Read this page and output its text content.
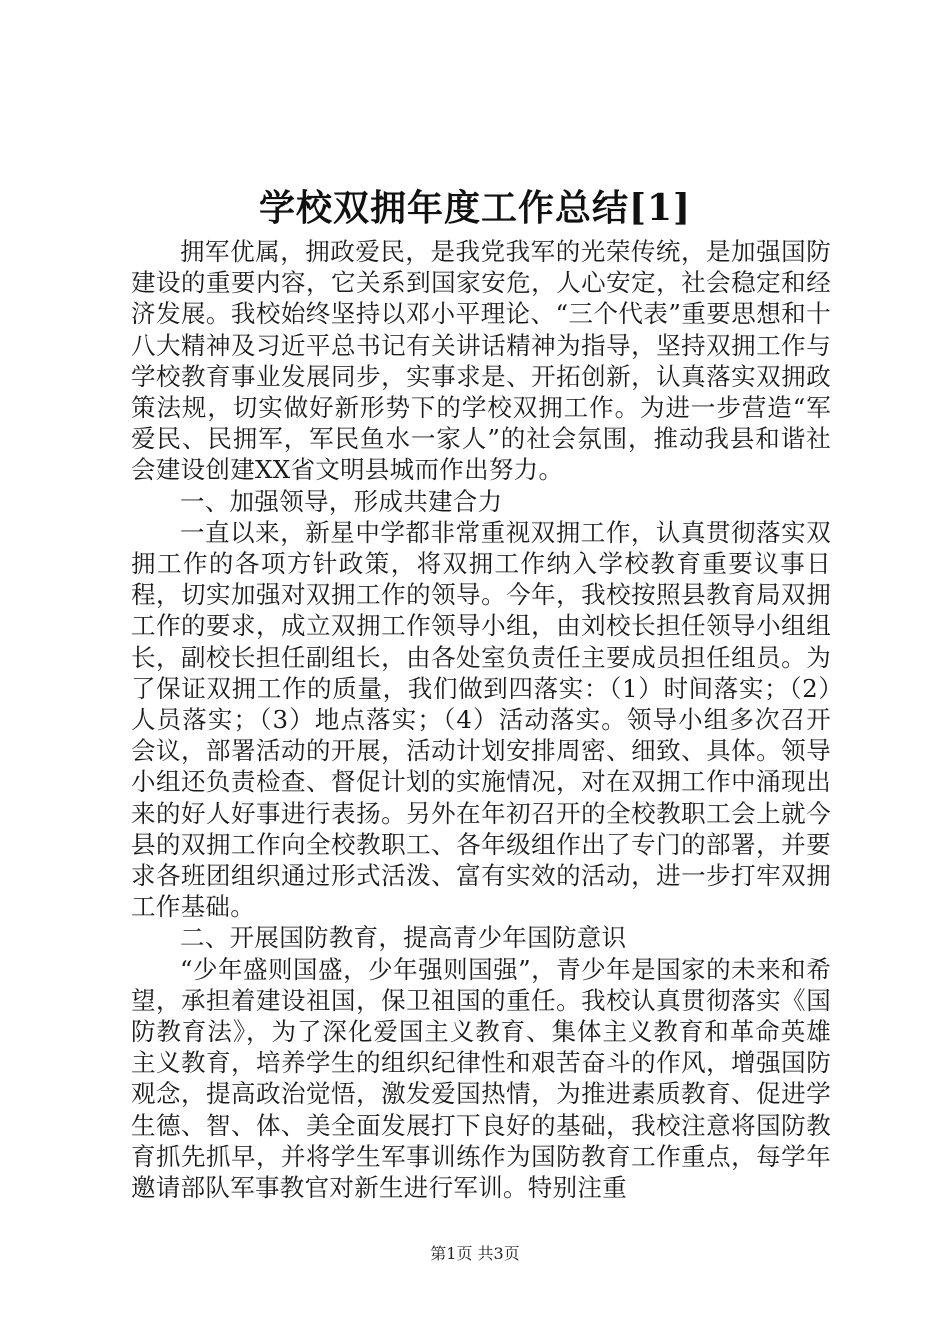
学校双拥年度工作总结[1]

拥军优属，拥政爱民，是我党我军的光荣传统，是加强国防建设的重要内容，它关系到国家安危，人心安定，社会稳定和经济发展。我校始终坚持以邓小平理论、“三个代表”重要思想和十八大精神及习近平总书记有关讲话精神为指导，坚持双拥工作与学校教育事业发展同步，实事求是、开拓创新，认真落实双拥政策法规，切实做好新形势下的学校双拥工作。为进一步营造“军爱民、民拥军，军民鱼水一家人”的社会氛围，推动我县和谐社会建设创建XX省文明县城而作出努力。

一、加强领导，形成共建合力

一直以来，新星中学都非常重视双拥工作，认真贯彻落实双拥工作的各项方针政策，将双拥工作纳入学校教育重要议事日程，切实加强对双拥工作的领导。今年，我校按照县教育局双拥工作的要求，成立双拥工作领导小组，由刘校长担任领导小组组长，副校长担任副组长，由各处室负责任主要成员担任组员。为了保证双拥工作的质量，我们做到四落实：（1）时间落实；（2）人员落实；（3）地点落实；（4）活动落实。领导小组多次召开会议，部署活动的开展，活动计划安排周密、细致、具体。领导小组还负责检查、督促计划的实施情况，对在双拥工作中涌现出来的好人好事进行表扬。另外在年初召开的全校教职工会上就今县的双拥工作向全校教职工、各年级组作出了专门的部署，并要求各班团组织通过形式活泼、富有实效的活动，进一步打牢双拥工作基础。

二、开展国防教育，提高青少年国防意识

“少年盛则国盛，少年强则国强”，青少年是国家的未来和希望，承担着建设祖国，保卫祖国的重任。我校认真贯彻落实《国防教育法》，为了深化爱国主义教育、集体主义教育和革命英雄主义教育，培养学生的组织纪律性和艰苦奋斗的作风，增强国防观念，提高政治觉悟，激发爱国热情，为推进素质教育、促进学生德、智、体、美全面发展打下良好的基础，我校注意将国防教育抓先抓早，并将学生军事训练作为国防教育工作重点，每学年邀请部队军事教官对新生进行军训。特别注重

第1页 共3页
